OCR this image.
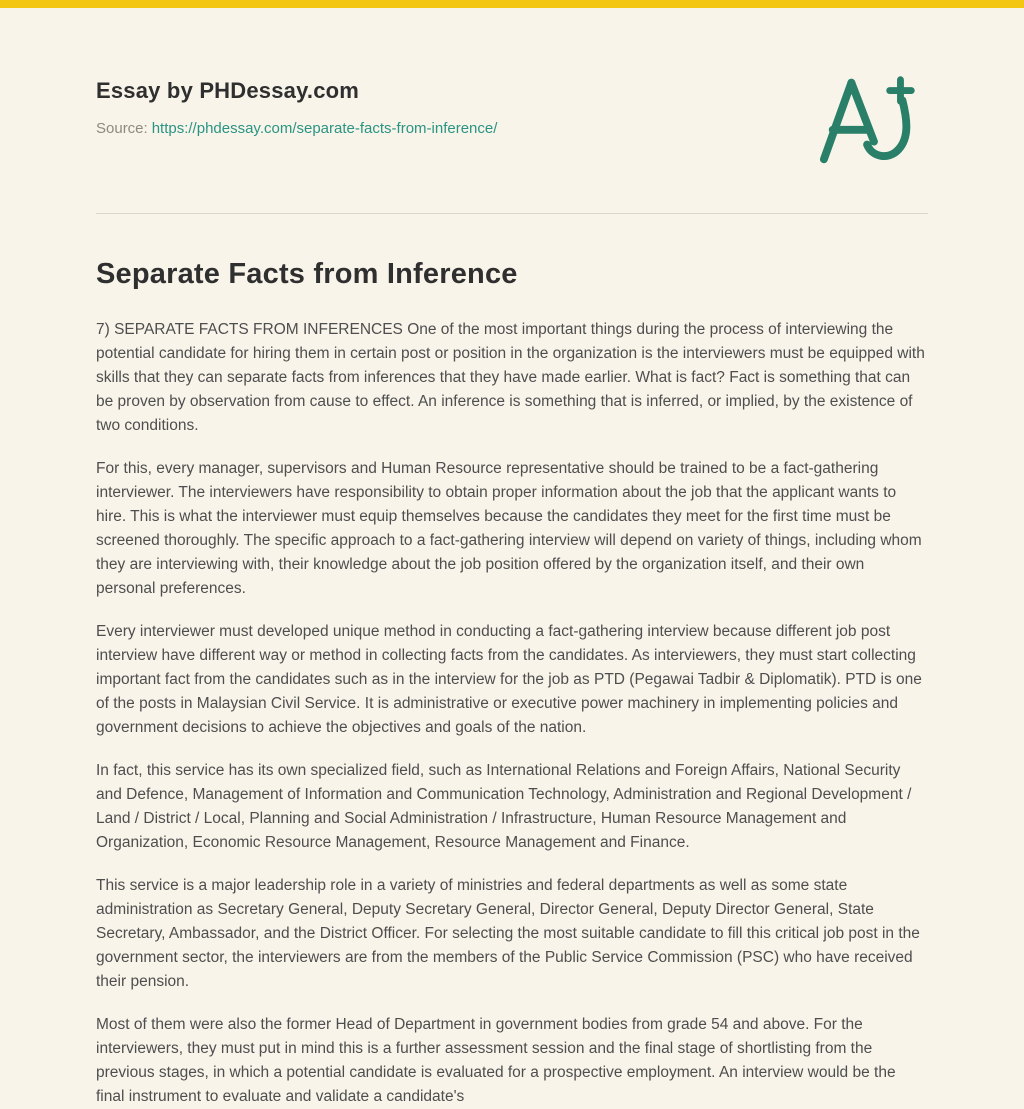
Essay by PHDessay.com
Source: https://phdessay.com/separate-facts-from-inference/
Separate Facts from Inference

7) SEPARATE FACTS FROM INFERENCES One of the most important things during the process of interviewing the potential candidate for hiring them in certain post or position in the organization is the interviewers must be equipped with skills that they can separate facts from inferences that they have made earlier. What is fact? Fact is something that can be proven by observation from cause to effect. An inference is something that is inferred, or implied, by the existence of two conditions.

For this, every manager, supervisors and Human Resource representative should be trained to be a fact-gathering interviewer. The interviewers have responsibility to obtain proper information about the job that the applicant wants to hire. This is what the interviewer must equip themselves because the candidates they meet for the first time must be screened thoroughly. The specific approach to a fact-gathering interview will depend on variety of things, including whom they are interviewing with, their knowledge about the job position offered by the organization itself, and their own personal preferences.

Every interviewer must developed unique method in conducting a fact-gathering interview because different job post interview have different way or method in collecting facts from the candidates. As interviewers, they must start collecting important fact from the candidates such as in the interview for the job as PTD (Pegawai Tadbir & Diplomatik). PTD is one of the posts in Malaysian Civil Service. It is administrative or executive power machinery in implementing policies and government decisions to achieve the objectives and goals of the nation.

In fact, this service has its own specialized field, such as International Relations and Foreign Affairs, National Security and Defence, Management of Information and Communication Technology, Administration and Regional Development / Land / District / Local, Planning and Social Administration / Infrastructure, Human Resource Management and Organization, Economic Resource Management, Resource Management and Finance.

This service is a major leadership role in a variety of ministries and federal departments as well as some state administration as Secretary General, Deputy Secretary General, Director General, Deputy Director General, State Secretary, Ambassador, and the District Officer. For selecting the most suitable candidate to fill this critical job post in the government sector, the interviewers are from the members of the Public Service Commission (PSC) who have received their pension.

Most of them were also the former Head of Department in government bodies from grade 54 and above. For the interviewers, they must put in mind this is a further assessment session and the final stage of shortlisting from the previous stages, in which a potential candidate is evaluated for a prospective employment. An interview would be the final instrument to evaluate and validate a candidate's
